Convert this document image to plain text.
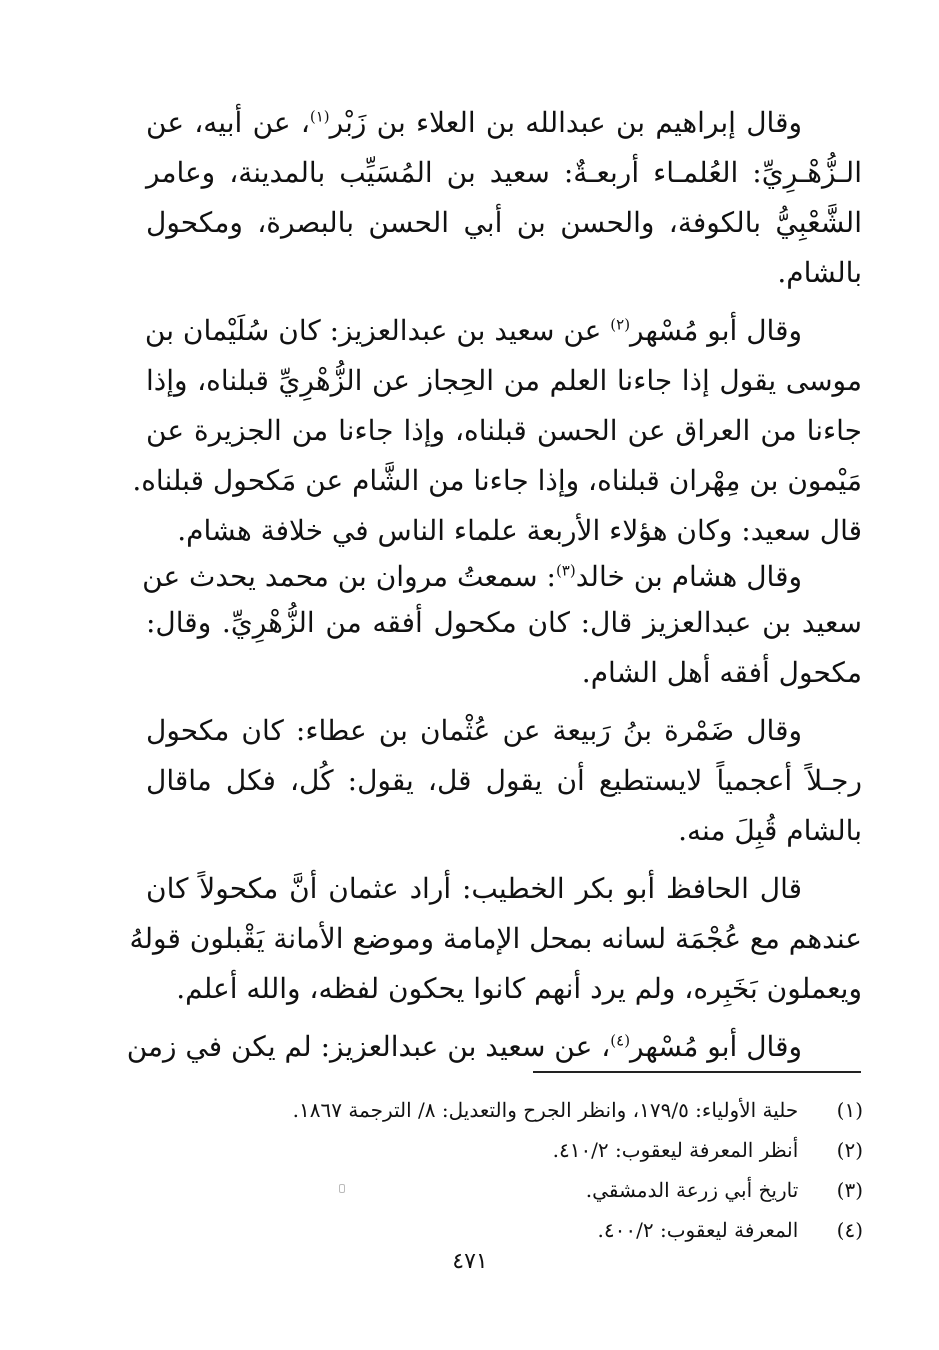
وقال إبراهيم بن عبدالله بن العلاء بن زَبْر$^{(١)}$، عن أبيه، عن
الـزُّهْـرِيِّ: العُلمـاء أربعـةٌ: سعيد بن المُسَيِّب بالمدينة، وعامر
الشَّعْبِيُّ بالكوفة، والحسن بن أبي الحسن بالبصرة، ومكحول
بالشام.
وقال أبو مُسْهر$^{(٢)}$ عن سعيد بن عبدالعزيز: كان سُلَيْمان بن
موسى يقول إذا جاءنا العلم من الحِجاز عن الزُّهْرِيِّ قبلناه، وإذا
جاءنا من العراق عن الحسن قبلناه، وإذا جاءنا من الجزيرة عن
مَيْمون بن مِهْران قبلناه، وإذا جاءنا من الشَّام عن مَكحول قبلناه.
قال سعيد: وكان هؤلاء الأربعة علماء الناس في خلافة هشام.
وقال هشام بن خالد$^{(٣)}$: سمعتُ مروان بن محمد يحدث عن
سعيد بن عبدالعزيز قال: كان مكحول أفقه من الزُّهْرِيِّ. وقال:
مكحول أفقه أهل الشام.
وقال ضَمْرة بنُ رَبيعة عن عُثْمان بن عطاء: كان مكحول
رجـلاً أعجمياً لايستطيع أن يقول قل، يقول: كُل، فكل ماقال
بالشام قُبِلَ منه.
قال الحافظ أبو بكر الخطيب: أراد عثمان أنَّ مكحولاً كان
عندهم مع عُجْمَة لسانه بمحل الإمامة وموضع الأمانة يَقْبلون قولهُ
ويعملون بَخَبِره، ولم يرد أنهم كانوا يحكون لفظه، والله أعلم.
وقال أبو مُسْهر$^{(٤)}$، عن سعيد بن عبدالعزيز: لم يكن في زمن
(١)  حلية الأولياء: ١٧٩/٥، وانظر الجرح والتعديل: ٨/ الترجمة ١٨٦٧.
(٢)  أنظر المعرفة ليعقوب: ٤١٠/٢.
(٣)  تاريخ أبي زرعة الدمشقي.
(٤)  المعرفة ليعقوب: ٤٠٠/٢.
٤٧١
